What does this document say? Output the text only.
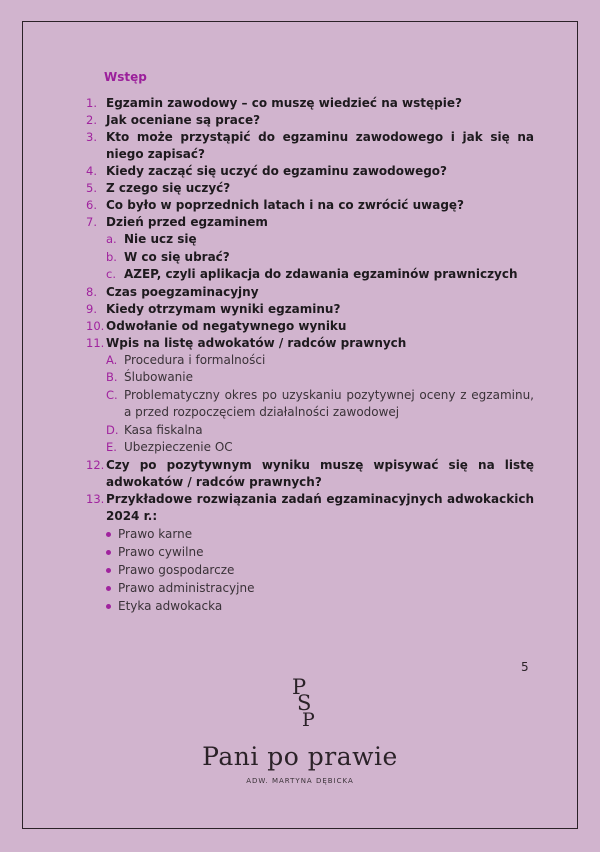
Wstęp
1. Egzamin zawodowy – co muszę wiedzieć na wstępie?
2. Jak oceniane są prace?
3. Kto może przystąpić do egzaminu zawodowego i jak się na niego zapisać?
4. Kiedy zacząć się uczyć do egzaminu zawodowego?
5. Z czego się uczyć?
6. Co było w poprzednich latach i na co zwrócić uwagę?
7. Dzień przed egzaminem
a. Nie ucz się
b. W co się ubrać?
c. AZEP, czyli aplikacja do zdawania egzaminów prawniczych
8. Czas poegzaminacyjny
9. Kiedy otrzymam wyniki egzaminu?
10. Odwołanie od negatywnego wyniku
11. Wpis na listę adwokatów / radców prawnych
A. Procedura i formalności
B. Ślubowanie
C. Problematyczny okres po uzyskaniu pozytywnej oceny z egzaminu, a przed rozpoczęciem działalności zawodowej
D. Kasa fiskalna
E. Ubezpieczenie OC
12. Czy po pozytywnym wyniku muszę wpisywać się na listę adwokatów / radców prawnych?
13. Przykładowe rozwiązania zadań egzaminacyjnych adwokackich 2024 r.:
Prawo karne
Prawo cywilne
Prawo gospodarcze
Prawo administracyjne
Etyka adwokacka
5
P
S
P
Pani po prawie
ADW. MARTYNA DĘBICKA
